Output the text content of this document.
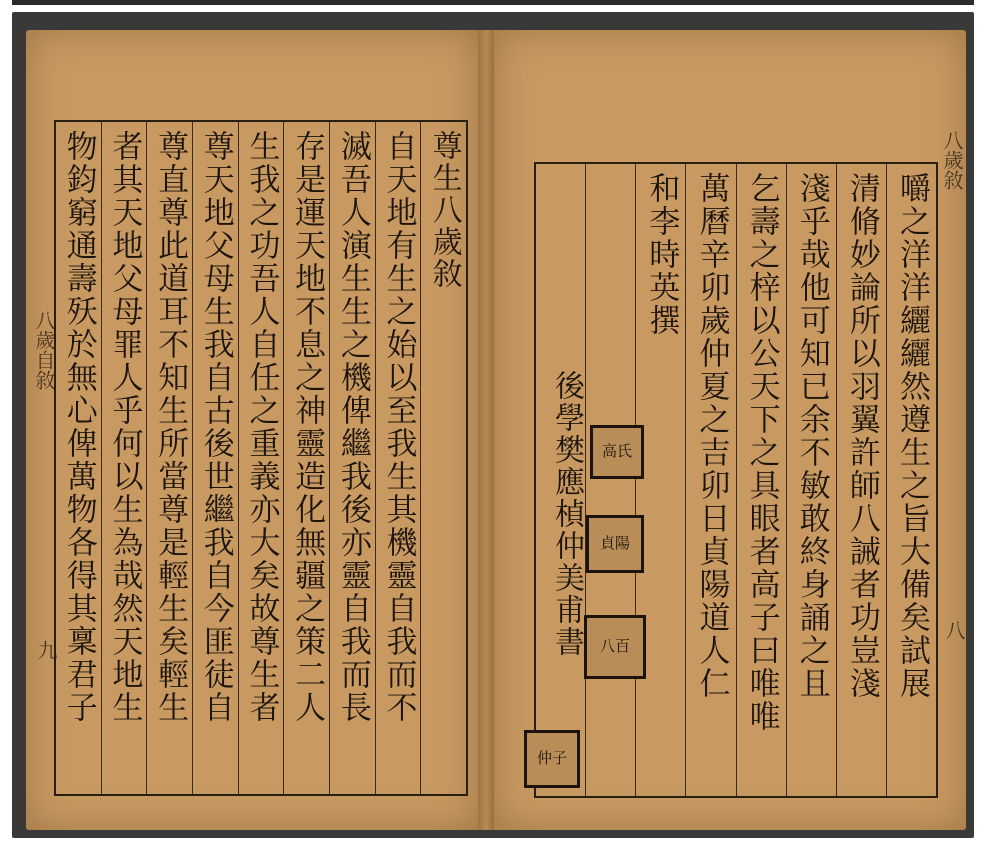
八歲自敘
九
尊生八歲敘
自天地有生之始以至我生其機靈自我而不
滅吾人演生生之機俾繼我後亦靈自我而長
存是運天地不息之神靈造化無疆之策二人
生我之功吾人自任之重義亦大矣故尊生者
尊天地父母生我自古後世繼我自今匪徒自
尊直尊此道耳不知生所當尊是輕生矣輕生
者其天地父母罪人乎何以生為哉然天地生
物鈞窮通壽殀於無心俾萬物各得其稟君子	八歲敘
八
嚼之洋洋纚纚然遵生之旨大備矣試展
清脩妙論所以羽翼許師八誡者功豈淺
淺乎哉他可知已余不敏敢終身誦之且
乞壽之梓以公天下之具眼者高子曰唯唯
萬曆辛卯歲仲夏之吉卯日貞陽道人仁
和李時英撰
後學樊應楨仲美甫書	高氏
貞陽
八百
仲子
